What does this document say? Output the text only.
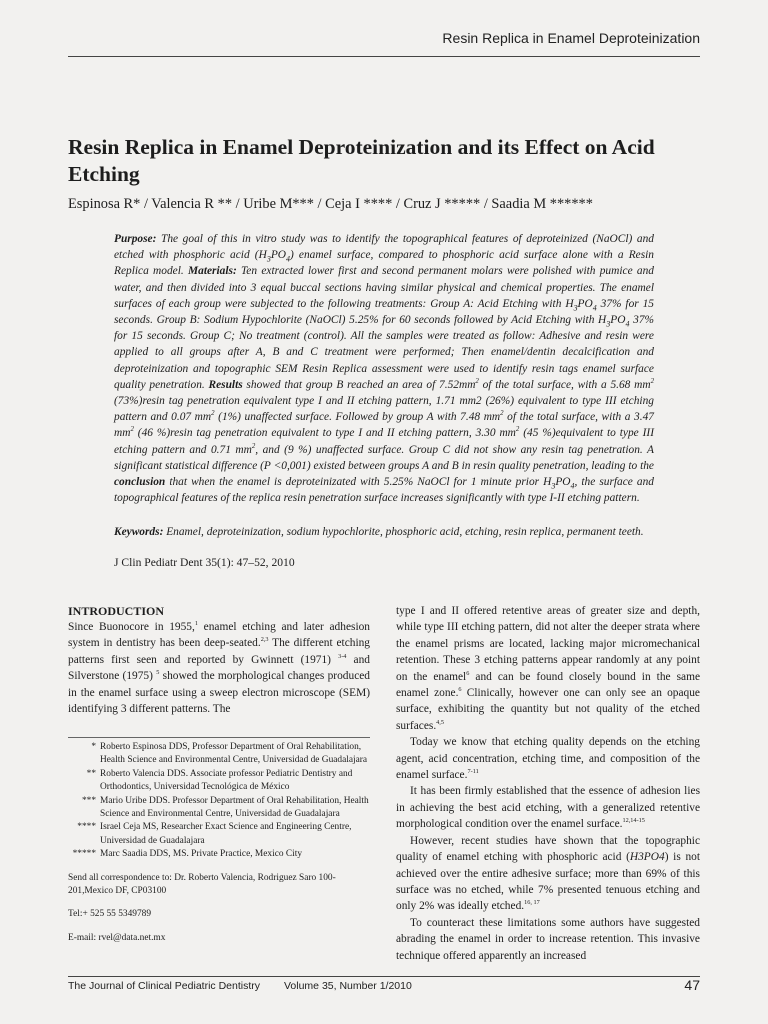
Resin Replica in Enamel Deproteinization
Resin Replica in Enamel Deproteinization and its Effect on Acid Etching
Espinosa R* / Valencia R ** / Uribe M*** / Ceja I **** / Cruz J ***** / Saadia M ******

Purpose: The goal of this in vitro study was to identify the topographical features of deproteinized (NaOCl) and etched with phosphoric acid $(H_3PO_4)$ enamel surface, compared to phosphoric acid surface alone with a Resin Replica model. Materials: Ten extracted lower first and second permanent molars were polished with pumice and water, and then divided into 3 equal buccal sections having similar physical and chemical properties. The enamel surfaces of each group were subjected to the following treatments: Group A: Acid Etching with $H_3PO_4$ 37% for 15 seconds. Group B: Sodium Hypochlorite (NaOCl) 5.25% for 60 seconds followed by Acid Etching with $H_3PO_4$ 37% for 15 seconds. Group C; No treatment (control). All the samples were treated as follow: Adhesive and resin were applied to all groups after A, B and C treatment were performed; Then enamel/dentin decalcification and deproteinization and topographic SEM Resin Replica assessment were used to identify resin tags enamel surface quality penetration. Results showed that group B reached an area of $7.52mm^2$ of the total surface, with a 5.68 $mm^2$ (73%)resin tag penetration equivalent type I and II etching pattern, 1.71 mm2 (26%) equivalent to type III etching pattern and 0.07 $mm^2$ (1%) unaffected surface. Followed by group A with 7.48 $mm^2$ of the total surface, with a 3.47 $mm^2$ (46 %)resin tag penetration equivalent to type I and II etching pattern, 3.30 $mm^2$ (45 %)equivalent to type III etching pattern and 0.71 $mm^2$, and (9 %) unaffected surface. Group C did not show any resin tag penetration. A significant statistical difference (P <0,001) existed between groups A and B in resin quality penetration, leading to the conclusion that when the enamel is deproteinizated with 5.25% NaOCl for 1 minute prior $H_3PO_4$, the surface and topographical features of the replica resin penetration surface increases significantly with type I-II etching pattern.

Keywords: Enamel, deproteinization, sodium hypochlorite, phosphoric acid, etching, resin replica, permanent teeth.

J Clin Pediatr Dent 35(1): 47–52, 2010
INTRODUCTION

Since Buonocore in 1955,$^1$ enamel etching and later adhesion system in dentistry has been deep-seated.$^{2,3}$ The different etching patterns first seen and reported by Gwinnett (1971) $^{3-4}$ and Silverstone (1975) $^5$ showed the morphological changes produced in the enamel surface using a sweep electron microscope (SEM) identifying 3 different patterns. The

* Roberto Espinosa DDS, Professor Department of Oral Rehabilitation, Health Science and Environmental Centre, Universidad de Guadalajara

** Roberto Valencia DDS. Associate professor Pediatric Dentistry and Orthodontics, Universidad Tecnológica de México

*** Mario Uribe DDS. Professor Department of Oral Rehabilitation, Health Science and Environmental Centre, Universidad de Guadalajara

**** Israel Ceja MS, Researcher Exact Science and Engineering Centre, Universidad de Guadalajara

***** Marc Saadia DDS, MS. Private Practice, Mexico City

Send all correspondence to: Dr. Roberto Valencia, Rodriguez Saro 100-201,Mexico DF, CP03100

Tel:+ 525 55 5349789

E-mail: rvel@data.net.mx

type I and II offered retentive areas of greater size and depth, while type III etching pattern, did not alter the deeper strata where the enamel prisms are located, lacking major micromechanical retention. These 3 etching patterns appear randomly at any point on the enamel$^6$ and can be found closely bound in the same enamel zone.$^6$ Clinically, however one can only see an opaque surface, exhibiting the quantity but not quality of the etched surfaces.$^{4,5}$

Today we know that etching quality depends on the etching agent, acid concentration, etching time, and composition of the enamel surface.$^{7-11}$

It has been firmly established that the essence of adhesion lies in achieving the best acid etching, with a generalized retentive morphological condition over the enamel surface.$^{12,14-15}$

However, recent studies have shown that the topographic quality of enamel etching with phosphoric acid (H3PO4) is not achieved over the entire adhesive surface; more than 69% of this surface was no etched, while 7% presented tenuous etching and only 2% was ideally etched.$^{16, 17}$

To counteract these limitations some authors have suggested abrading the enamel in order to increase retention. This invasive technique offered apparently an increased

The Journal of Clinical Pediatric Dentistry Volume 35, Number 1/2010	47
